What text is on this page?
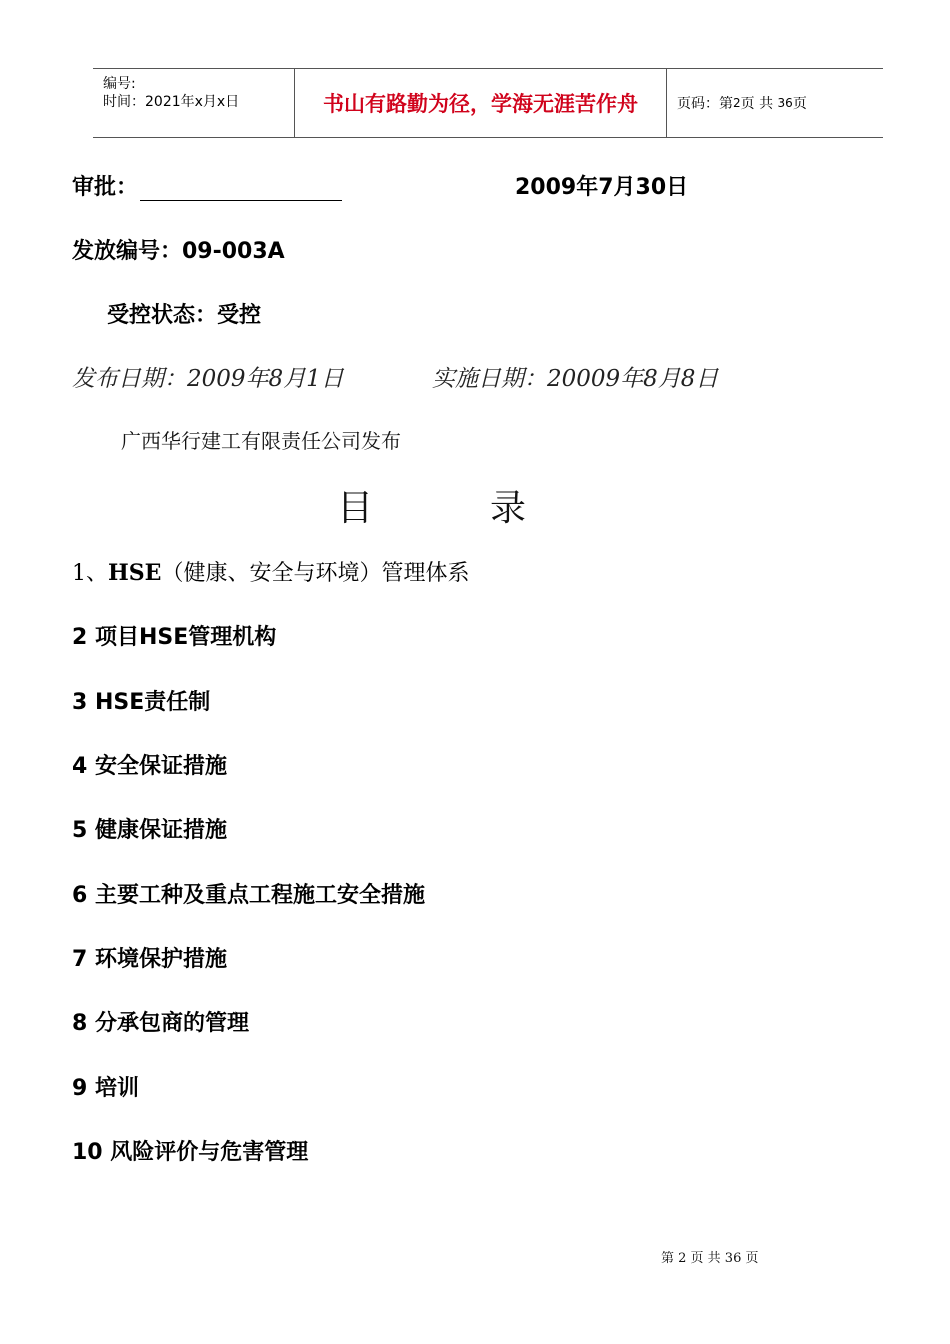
编号:
时间：2021年x月x日	书山有路勤为径，学海无涯苦作舟	页码：第 2 页 共
36 页
审批：	2009年7月30日
发放编号：09-003A
受控状态：受控
发布日期：2009年8月1日	实施日期：20009年8月8日
广西华行建工有限责任公司发布
目	录
1、HSE（健康、安全与环境）管理体系
2 项目HSE管理机构
3 HSE责任制
4 安全保证措施
5 健康保证措施
6 主要工种及重点工程施工安全措施
7 环境保护措施
8 分承包商的管理
9 培训
10 风险评价与危害管理
第 2 页 共 36 页
